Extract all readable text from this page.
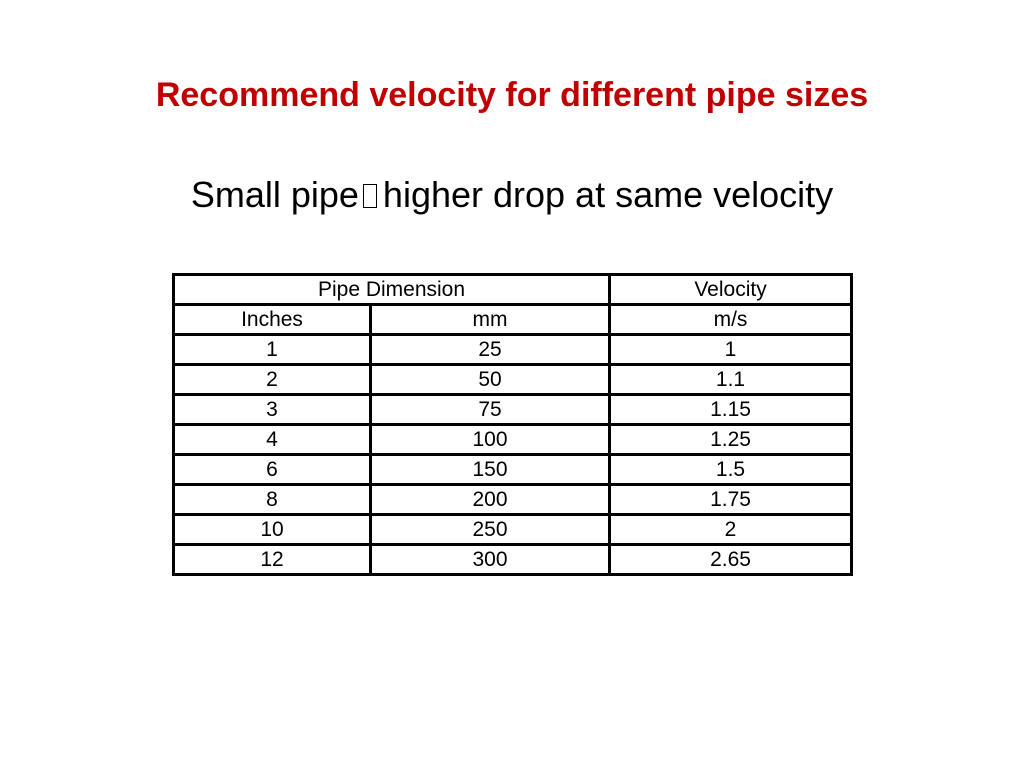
Recommend velocity for different pipe sizes
Small pipe higher drop at same velocity
Pipe Dimension		Velocity
Inches	mm	m/s
1	25	1
2	50	1.1
3	75	1.15
4	100	1.25
6	150	1.5
8	200	1.75
10	250	2
12	300	2.65
